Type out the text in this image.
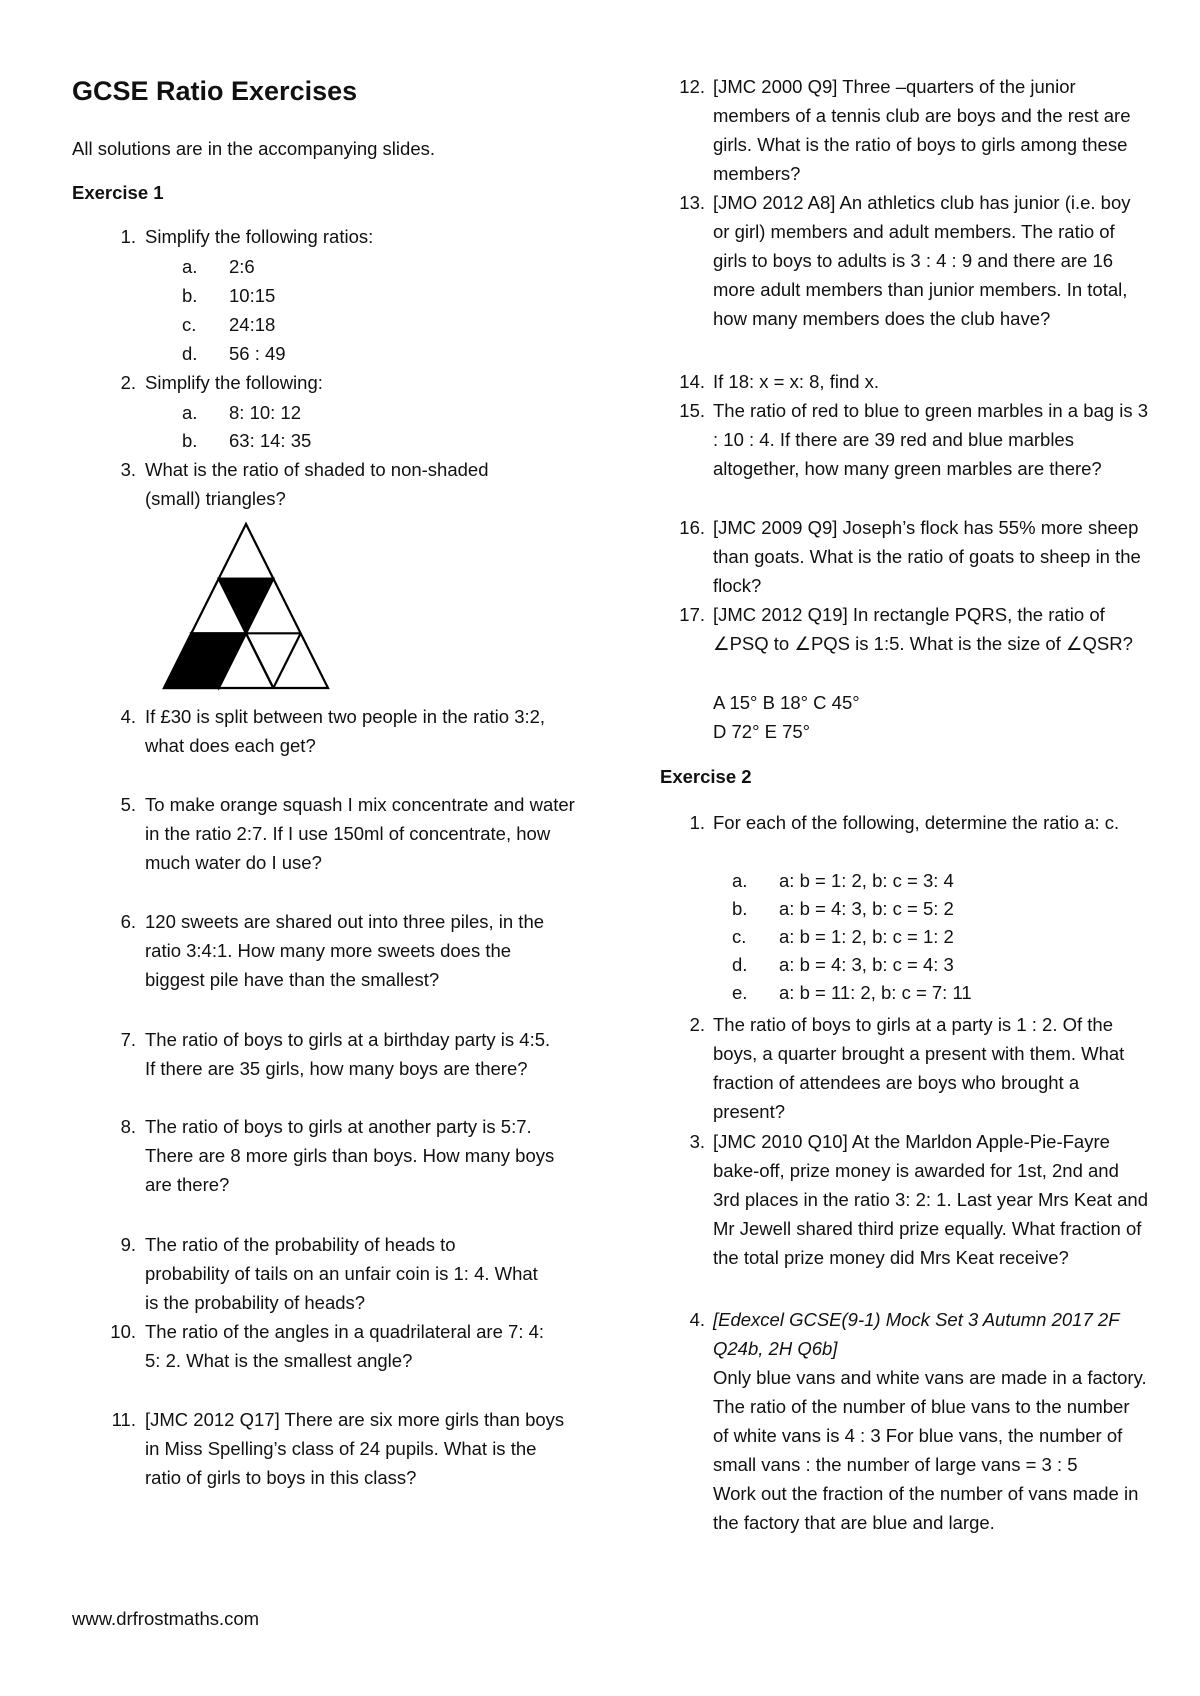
GCSE Ratio Exercises

All solutions are in the accompanying slides.

Exercise 1

1. Simplify the following ratios:
a.	2:6
b.	10:15
c.	24:18
d.	56 : 49
2. Simplify the following:
a.	8: 10: 12
b.	63: 14: 35
3. What is the ratio of shaded to non-shaded (small) triangles?
4. If £30 is split between two people in the ratio 3:2, what does each get?
5. To make orange squash I mix concentrate and water in the ratio 2:7. If I use 150ml of concentrate, how much water do I use?
6. 120 sweets are shared out into three piles, in the ratio 3:4:1. How many more sweets does the biggest pile have than the smallest?
7. The ratio of boys to girls at a birthday party is 4:5. If there are 35 girls, how many boys are there?
8. The ratio of boys to girls at another party is 5:7. There are 8 more girls than boys. How many boys are there?
9. The ratio of the probability of heads to probability of tails on an unfair coin is 1: 4. What is the probability of heads?
10. The ratio of the angles in a quadrilateral are 7: 4: 5: 2. What is the smallest angle?
11. [JMC 2012 Q17] There are six more girls than boys in Miss Spelling’s class of 24 pupils. What is the ratio of girls to boys in this class?
12. [JMC 2000 Q9] Three –quarters of the junior members of a tennis club are boys and the rest are girls. What is the ratio of boys to girls among these members?
13. [JMO 2012 A8] An athletics club has junior (i.e. boy or girl) members and adult members. The ratio of girls to boys to adults is 3 : 4 : 9 and there are 16 more adult members than junior members. In total, how many members does the club have?
14. If 18: x = x: 8, find x.
15. The ratio of red to blue to green marbles in a bag is 3 : 10 : 4. If there are 39 red and blue marbles altogether, how many green marbles are there?
16. [JMC 2009 Q9] Joseph’s flock has 55% more sheep than goats. What is the ratio of goats to sheep in the flock?
17. [JMC 2012 Q19] In rectangle PQRS, the ratio of ∠PSQ to ∠PQS is 1:5. What is the size of ∠QSR?
A 15° B 18° C 45°
D 72° E 75°

Exercise 2

1. For each of the following, determine the ratio a: c.
a.	a: b = 1: 2, b: c = 3: 4
b.	a: b = 4: 3, b: c = 5: 2
c.	a: b = 1: 2, b: c = 1: 2
d.	a: b = 4: 3, b: c = 4: 3
e.	a: b = 11: 2, b: c = 7: 11
2. The ratio of boys to girls at a party is 1 : 2. Of the boys, a quarter brought a present with them. What fraction of attendees are boys who brought a present?
3. [JMC 2010 Q10] At the Marldon Apple-Pie-Fayre bake-off, prize money is awarded for 1st, 2nd and 3rd places in the ratio 3: 2: 1. Last year Mrs Keat and Mr Jewell shared third prize equally. What fraction of the total prize money did Mrs Keat receive?
4. [Edexcel GCSE(9-1) Mock Set 3 Autumn 2017 2F Q24b, 2H Q6b]
Only blue vans and white vans are made in a factory. The ratio of the number of blue vans to the number of white vans is 4 : 3 For blue vans, the number of small vans : the number of large vans = 3 : 5
Work out the fraction of the number of vans made in the factory that are blue and large.

www.drfrostmaths.com
